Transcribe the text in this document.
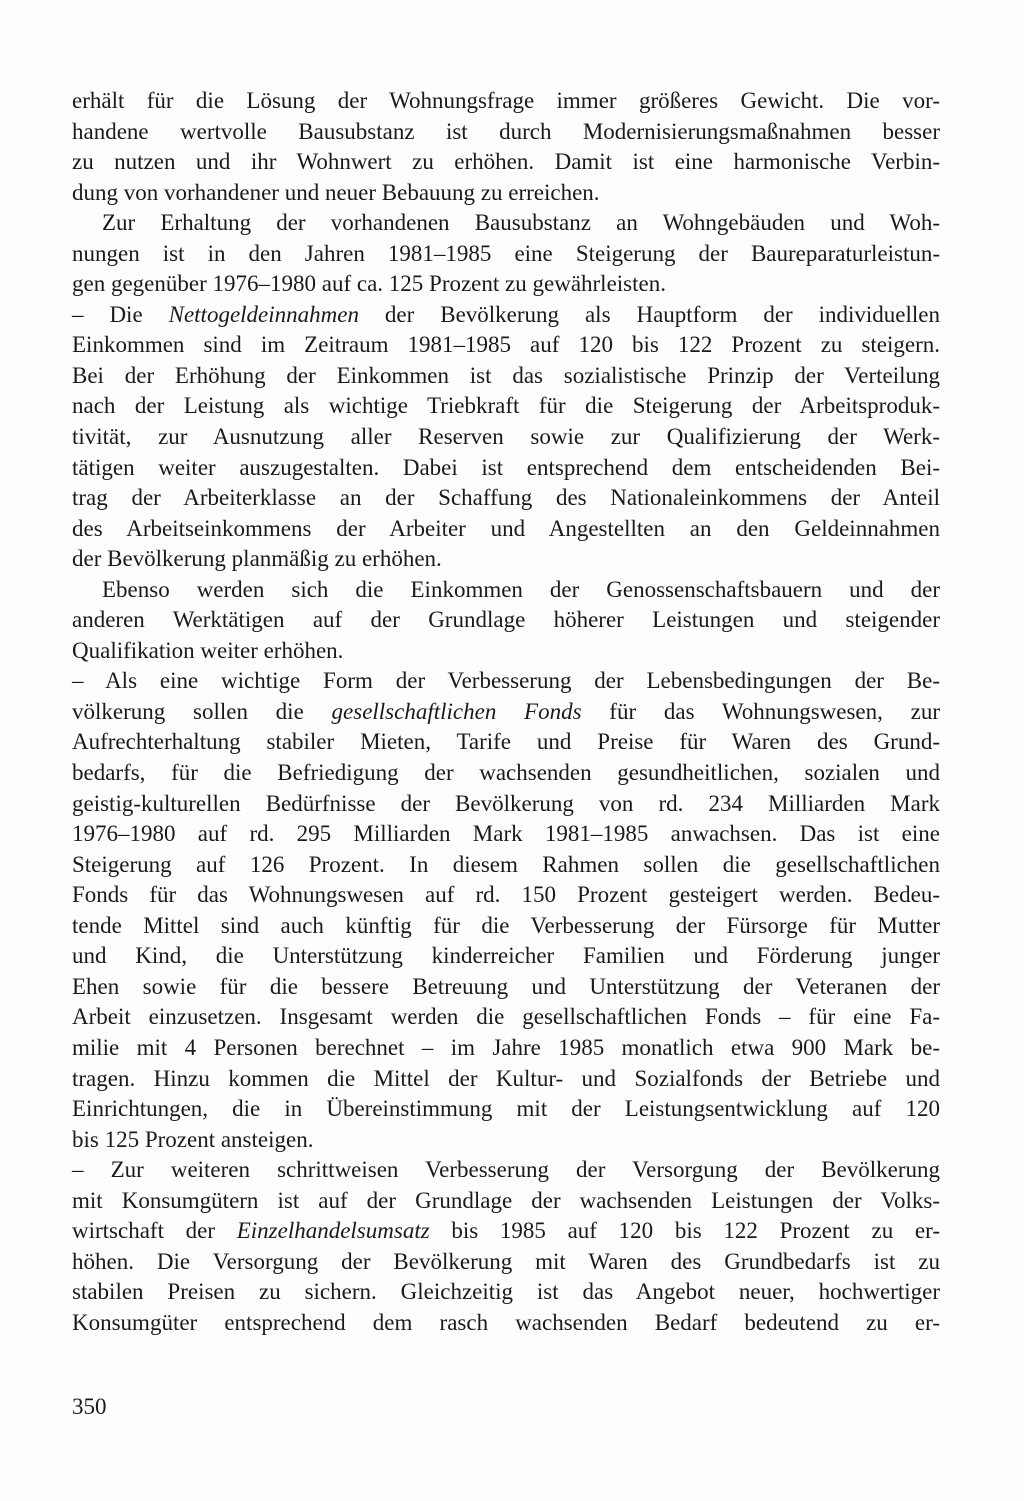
erhält für die Lösung der Wohnungsfrage immer größeres Gewicht. Die vor-
handene wertvolle Bausubstanz ist durch Modernisierungsmaßnahmen besser
zu nutzen und ihr Wohnwert zu erhöhen. Damit ist eine harmonische Verbin-
dung von vorhandener und neuer Bebauung zu erreichen.
Zur Erhaltung der vorhandenen Bausubstanz an Wohngebäuden und Woh-
nungen ist in den Jahren 1981–1985 eine Steigerung der Baureparaturleistun-
gen gegenüber 1976–1980 auf ca. 125 Prozent zu gewährleisten.
– Die Nettogeldeinnahmen der Bevölkerung als Hauptform der individuellen
Einkommen sind im Zeitraum 1981–1985 auf 120 bis 122 Prozent zu steigern.
Bei der Erhöhung der Einkommen ist das sozialistische Prinzip der Verteilung
nach der Leistung als wichtige Triebkraft für die Steigerung der Arbeitsproduk-
tivität, zur Ausnutzung aller Reserven sowie zur Qualifizierung der Werk-
tätigen weiter auszugestalten. Dabei ist entsprechend dem entscheidenden Bei-
trag der Arbeiterklasse an der Schaffung des Nationaleinkommens der Anteil
des Arbeitseinkommens der Arbeiter und Angestellten an den Geldeinnahmen
der Bevölkerung planmäßig zu erhöhen.
Ebenso werden sich die Einkommen der Genossenschaftsbauern und der
anderen Werktätigen auf der Grundlage höherer Leistungen und steigender
Qualifikation weiter erhöhen.
– Als eine wichtige Form der Verbesserung der Lebensbedingungen der Be-
völkerung sollen die gesellschaftlichen Fonds für das Wohnungswesen, zur
Aufrechterhaltung stabiler Mieten, Tarife und Preise für Waren des Grund-
bedarfs, für die Befriedigung der wachsenden gesundheitlichen, sozialen und
geistig-kulturellen Bedürfnisse der Bevölkerung von rd. 234 Milliarden Mark
1976–1980 auf rd. 295 Milliarden Mark 1981–1985 anwachsen. Das ist eine
Steigerung auf 126 Prozent. In diesem Rahmen sollen die gesellschaftlichen
Fonds für das Wohnungswesen auf rd. 150 Prozent gesteigert werden. Bedeu-
tende Mittel sind auch künftig für die Verbesserung der Fürsorge für Mutter
und Kind, die Unterstützung kinderreicher Familien und Förderung junger
Ehen sowie für die bessere Betreuung und Unterstützung der Veteranen der
Arbeit einzusetzen. Insgesamt werden die gesellschaftlichen Fonds – für eine Fa-
milie mit 4 Personen berechnet – im Jahre 1985 monatlich etwa 900 Mark be-
tragen. Hinzu kommen die Mittel der Kultur- und Sozialfonds der Betriebe und
Einrichtungen, die in Übereinstimmung mit der Leistungsentwicklung auf 120
bis 125 Prozent ansteigen.
– Zur weiteren schrittweisen Verbesserung der Versorgung der Bevölkerung
mit Konsumgütern ist auf der Grundlage der wachsenden Leistungen der Volks-
wirtschaft der Einzelhandelsumsatz bis 1985 auf 120 bis 122 Prozent zu er-
höhen. Die Versorgung der Bevölkerung mit Waren des Grundbedarfs ist zu
stabilen Preisen zu sichern. Gleichzeitig ist das Angebot neuer, hochwertiger
Konsumgüter entsprechend dem rasch wachsenden Bedarf bedeutend zu er-
350
